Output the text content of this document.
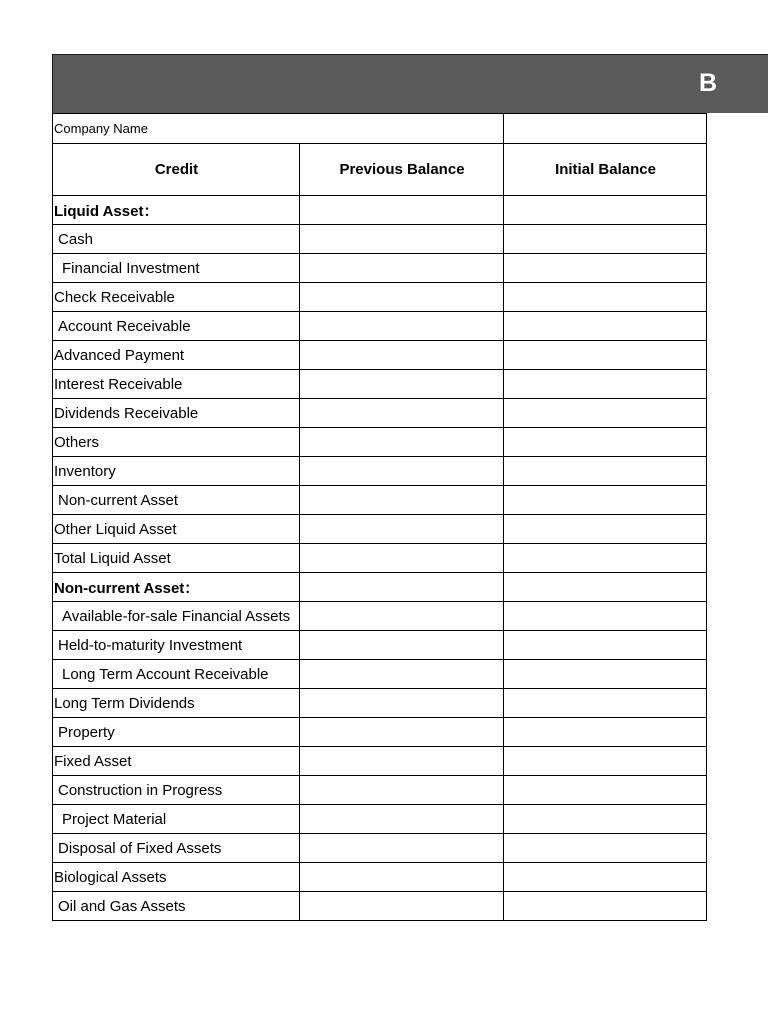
B
Company Name		
Credit	Previous Balance	Initial Balance
Liquid Asset：		
Cash		
Financial Investment		
Check Receivable		
Account Receivable		
Advanced Payment		
Interest Receivable		
Dividends Receivable		
Others		
Inventory		
Non-current Asset		
Other Liquid Asset		
Total Liquid Asset		
Non-current Asset：		
Available-for-sale Financial Assets		
Held-to-maturity Investment		
Long Term Account Receivable		
Long Term Dividends		
Property		
Fixed Asset		
Construction in Progress		
Project Material		
Disposal of Fixed Assets		
Biological Assets		
Oil and Gas Assets		
